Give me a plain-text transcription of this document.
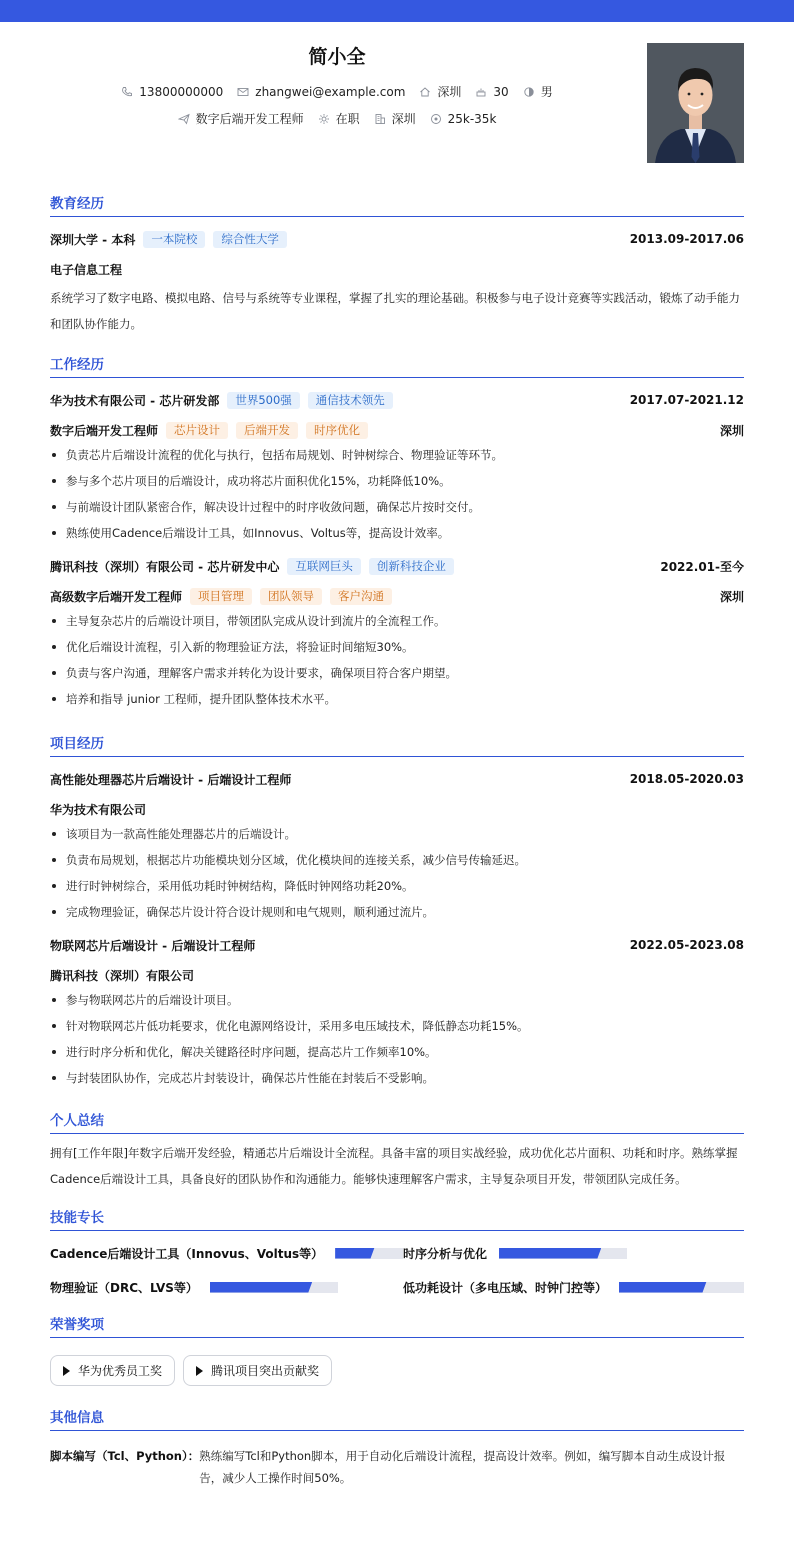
简小全
13800000000	zhangwei@example.com	深圳	30	男
数字后端开发工程师	在职	深圳	25k-35k
教育经历
深圳大学 - 本科	一本院校	综合性大学	2013.09-2017.06
电子信息工程
系统学习了数字电路、模拟电路、信号与系统等专业课程，掌握了扎实的理论基础。积极参与电子设计竞赛等实践活动，锻炼了动手能力和团队协作能力。
工作经历
华为技术有限公司 - 芯片研发部	世界500强	通信技术领先	2017.07-2021.12
数字后端开发工程师	芯片设计	后端开发	时序优化	深圳
负责芯片后端设计流程的优化与执行，包括布局规划、时钟树综合、物理验证等环节。
参与多个芯片项目的后端设计，成功将芯片面积优化15%，功耗降低10%。
与前端设计团队紧密合作，解决设计过程中的时序收敛问题，确保芯片按时交付。
熟练使用Cadence后端设计工具，如Innovus、Voltus等，提高设计效率。
腾讯科技（深圳）有限公司 - 芯片研发中心	互联网巨头	创新科技企业	2022.01-至今
高级数字后端开发工程师	项目管理	团队领导	客户沟通	深圳
主导复杂芯片的后端设计项目，带领团队完成从设计到流片的全流程工作。
优化后端设计流程，引入新的物理验证方法，将验证时间缩短30%。
负责与客户沟通，理解客户需求并转化为设计要求，确保项目符合客户期望。
培养和指导 junior 工程师，提升团队整体技术水平。
项目经历
高性能处理器芯片后端设计 - 后端设计工程师	2018.05-2020.03
华为技术有限公司
该项目为一款高性能处理器芯片的后端设计。
负责布局规划，根据芯片功能模块划分区域，优化模块间的连接关系，减少信号传输延迟。
进行时钟树综合，采用低功耗时钟树结构，降低时钟网络功耗20%。
完成物理验证，确保芯片设计符合设计规则和电气规则，顺利通过流片。
物联网芯片后端设计 - 后端设计工程师	2022.05-2023.08
腾讯科技（深圳）有限公司
参与物联网芯片的后端设计项目。
针对物联网芯片低功耗要求，优化电源网络设计，采用多电压域技术，降低静态功耗15%。
进行时序分析和优化，解决关键路径时序问题，提高芯片工作频率10%。
与封装团队协作，完成芯片封装设计，确保芯片性能在封装后不受影响。
个人总结
拥有[工作年限]年数字后端开发经验，精通芯片后端设计全流程。具备丰富的项目实战经验，成功优化芯片面积、功耗和时序。熟练掌握Cadence后端设计工具，具备良好的团队协作和沟通能力。能够快速理解客户需求，主导复杂项目开发，带领团队完成任务。
技能专长
Cadence后端设计工具（Innovus、Voltus等）	时序分析与优化
物理验证（DRC、LVS等）	低功耗设计（多电压域、时钟门控等）
荣誉奖项
华为优秀员工奖	腾讯项目突出贡献奖
其他信息
脚本编写（Tcl、Python）： 熟练编写Tcl和Python脚本，用于自动化后端设计流程，提高设计效率。例如，编写脚本自动生成设计报告，减少人工操作时间50%。
